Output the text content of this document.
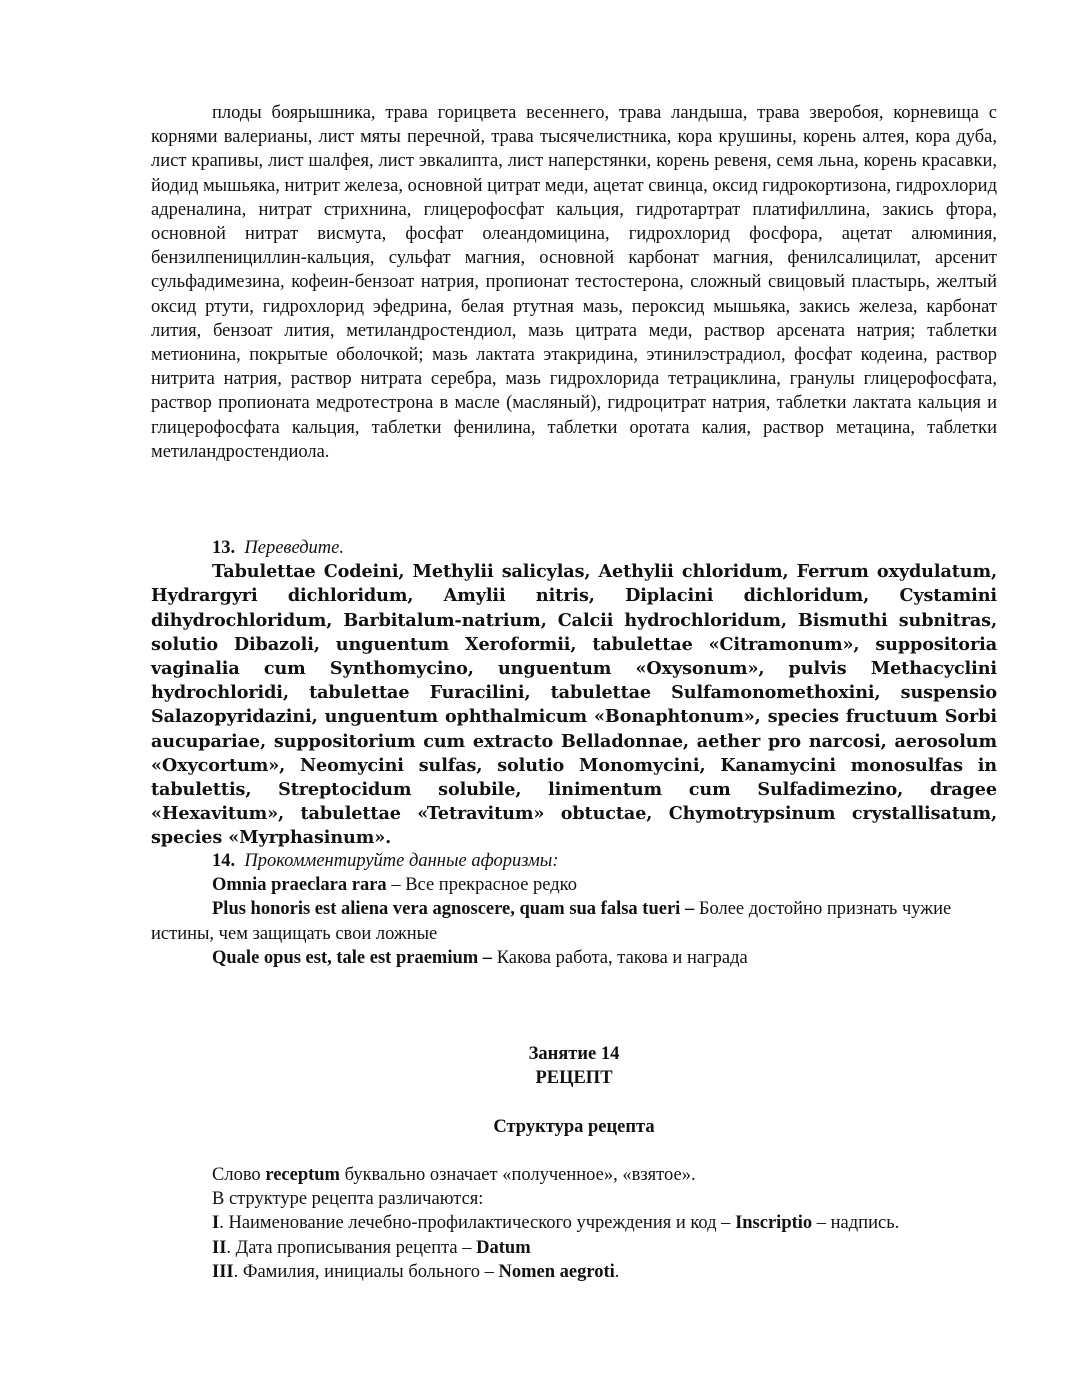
плоды боярышника, трава горицвета весеннего, трава ландыша, трава зверобоя, корневища с корнями валерианы, лист мяты перечной, трава тысячелистника, кора крушины, корень алтея, кора дуба, лист крапивы, лист шалфея, лист эвкалипта, лист наперстянки, корень ревеня, семя льна, корень красавки, йодид мышьяка, нитрит железа, основной цитрат меди, ацетат свинца, оксид гидрокортизона, гидрохлорид адреналина, нитрат стрихнина, глицерофосфат кальция, гидротартрат платифиллина, закись фтора, основной нитрат висмута, фосфат олеандомицина, гидрохлорид фосфора, ацетат алюминия, бензилпенициллин-кальция, сульфат магния, основной карбонат магния, фенилсалицилат, арсенит сульфадимезина, кофеин-бензоат натрия, пропионат тестостерона, сложный свицовый пластырь, желтый оксид ртути, гидрохлорид эфедрина, белая ртутная мазь, пероксид мышьяка, закись железа, карбонат лития, бензоат лития, метиландростендиол, мазь цитрата меди, раствор арсената натрия; таблетки метионина, покрытые оболочкой; мазь лактата этакридина, этинилэстрадиол, фосфат кодеина, раствор нитрита натрия, раствор нитрата серебра, мазь гидрохлорида тетрациклина, гранулы глицерофосфата, раствор пропионата медротестрона в масле (масляный), гидроцитрат натрия, таблетки лактата кальция и глицерофосфата кальция, таблетки фенилина, таблетки оротата калия, раствор метацина, таблетки метиландростендиола.

13. Переведите.

Tabulettae Codeini, Methylii salicylas, Aethylii chloridum, Ferrum oxydulatum, Hydrargyri dichloridum, Amylii nitris, Diplacini dichloridum, Cystamini dihydrochloridum, Barbitalum-natrium, Calcii hydrochloridum, Bismuthi subnitras, solutio Dibazoli, unguentum Xeroformii, tabulettae «Citramonum», suppositoria vaginalia cum Synthomycino, unguentum «Oxysonum», pulvis Methacyclini hydrochloridi, tabulettae Furacilini, tabulettae Sulfamonomethoxini, suspensio Salazopyridazini, unguentum ophthalmicum «Bonaphtonum», species fructuum Sorbi aucupariae, suppositorium cum extracto Belladonnae, aether pro narcosi, aerosolum «Oxycortum», Neomycini sulfas, solutio Monomycini, Kanamycini monosulfas in tabulettis, Streptocidum solubile, linimentum cum Sulfadimezino, dragee «Hexavitum», tabulettae «Tetravitum» obtuctae, Chymotrypsinum crystallisatum, species «Myrphasinum».

14. Прокомментируйте данные афоризмы:

Omnia praeclara rara – Все прекрасное редко

Plus honoris est aliena vera agnoscere, quam sua falsa tueri – Более достойно признать чужие истины, чем защищать свои ложные

Quale opus est, tale est praemium – Какова работа, такова и награда

Занятие 14

РЕЦЕПТ

Структура рецепта

Слово receptum буквально означает «полученное», «взятое».

В структуре рецепта различаются:

I. Наименование лечебно-профилактического учреждения и код – Inscriptio – надпись.

II. Дата прописывания рецепта – Datum

III. Фамилия, инициалы больного – Nomen aegroti.
